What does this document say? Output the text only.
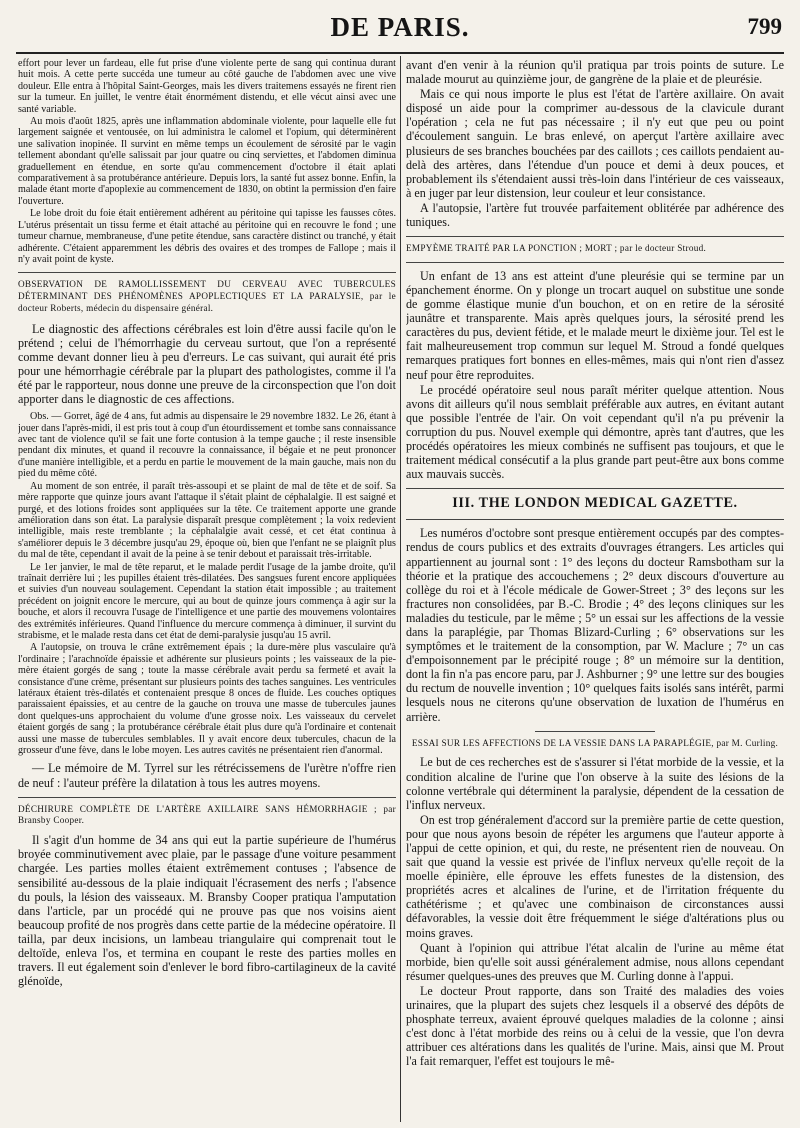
DE PARIS.	799

effort pour lever un fardeau, elle fut prise d'une violente perte de sang qui continua durant huit mois. A cette perte succéda une tumeur au côté gauche de l'abdomen avec une vive douleur. Elle entra à l'hôpital Saint-Georges, mais les divers traitemens essayés ne firent rien sur la tumeur. En juillet, le ventre était énormément distendu, et elle vécut ainsi avec une santé variable.

Au mois d'août 1825, après une inflammation abdominale violente, pour laquelle elle fut largement saignée et ventousée, on lui administra le calomel et l'opium, qui déterminèrent une salivation inopinée. Il survint en même temps un écoulement de sérosité par le vagin tellement abondant qu'elle salissait par jour quatre ou cinq serviettes, et l'abdomen diminua graduellement en étendue, en sorte qu'au commencement d'octobre il était aplati comparativement à sa protubérance antérieure. Depuis lors, la santé fut assez bonne. Enfin, la malade étant morte d'apoplexie au commencement de 1830, on obtint la permission d'en faire l'ouverture.

Le lobe droit du foie était entièrement adhérent au péritoine qui tapisse les fausses côtes. L'utérus présentait un tissu ferme et était attaché au péritoine qui en recouvre le fond ; une tumeur charnue, membraneuse, d'une petite étendue, sans caractère distinct ou tranché, y était adhérente. C'étaient apparemment les débris des ovaires et des trompes de Fallope ; mais il n'y avait point de kyste.

OBSERVATION DE RAMOLLISSEMENT DU CERVEAU AVEC TUBERCULES DÉTERMINANT DES PHÉNOMÈNES APOPLECTIQUES ET LA PARALYSIE, par le docteur Roberts, médecin du dispensaire général.

Le diagnostic des affections cérébrales est loin d'être aussi facile qu'on le prétend ; celui de l'hémorrhagie du cerveau surtout, que l'on a représenté comme devant donner lieu à peu d'erreurs. Le cas suivant, qui aurait été pris pour une hémorrhagie cérébrale par la plupart des pathologistes, comme il l'a été par le rapporteur, nous donne une preuve de la circonspection que l'on doit apporter dans le diagnostic de ces affections.

Obs. — Gorret, âgé de 4 ans, fut admis au dispensaire le 29 novembre 1832. Le 26, étant à jouer dans l'après-midi, il est pris tout à coup d'un étourdissement et tombe sans connaissance avec tant de violence qu'il se fait une forte contusion à la tempe gauche ; il reste insensible pendant dix minutes, et quand il recouvre la connaissance, il bégaie et ne peut prononcer d'une manière intelligible, et a perdu en partie le mouvement de la main gauche, mais non du pied du même côté.

Au moment de son entrée, il paraît très-assoupi et se plaint de mal de tête et de soif. Sa mère rapporte que quinze jours avant l'attaque il s'était plaint de céphalalgie. Il est saigné et purgé, et des lotions froides sont appliquées sur la tête. Ce traitement apporte une grande amélioration dans son état. La paralysie disparaît presque complètement ; la voix redevient intelligible, mais reste tremblante ; la céphalalgie avait cessé, et cet état continua à s'améliorer depuis le 3 décembre jusqu'au 29, époque où, bien que l'enfant ne se plaignît plus du mal de tête, cependant il avait de la peine à se tenir debout et paraissait très-irritable.

Le 1er janvier, le mal de tête reparut, et le malade perdit l'usage de la jambe droite, qu'il traînait derrière lui ; les pupilles étaient très-dilatées. Des sangsues furent encore appliquées et suivies d'un nouveau soulagement. Cependant la station était impossible ; au traitement précédent on joignit encore le mercure, qui au bout de quinze jours commença à agir sur la bouche, et alors il recouvra l'usage de l'intelligence et une partie des mouvemens volontaires des extrémités inférieures. Quand l'influence du mercure commença à diminuer, il survint du strabisme, et le malade resta dans cet état de demi-paralysie jusqu'au 15 avril.

A l'autopsie, on trouva le crâne extrêmement épais ; la dure-mère plus vasculaire qu'à l'ordinaire ; l'arachnoïde épaissie et adhérente sur plusieurs points ; les vaisseaux de la pie-mère étaient gorgés de sang ; toute la masse cérébrale avait perdu sa fermeté et avait la consistance d'une crème, présentant sur plusieurs points des taches sanguines. Les ventricules latéraux étaient très-dilatés et contenaient presque 8 onces de fluide. Les couches optiques paraissaient épaissies, et au centre de la gauche on trouva une masse de tubercules jaunes dont quelques-uns approchaient du volume d'une grosse noix. Les vaisseaux du cervelet étaient gorgés de sang ; la protubérance cérébrale était plus dure qu'à l'ordinaire et contenait aussi une masse de tubercules semblables. Il y avait encore deux tubercules, chacun de la grosseur d'une fève, dans le lobe moyen. Les autres cavités ne présentaient rien d'anormal.

— Le mémoire de M. Tyrrel sur les rétrécissemens de l'urètre n'offre rien de neuf : l'auteur préfère la dilatation à tous les autres moyens.

DÉCHIRURE COMPLÈTE DE L'ARTÈRE AXILLAIRE SANS HÉMORRHAGIE ; par Bransby Cooper.

Il s'agit d'un homme de 34 ans qui eut la partie supérieure de l'humérus broyée comminutivement avec plaie, par le passage d'une voiture pesamment chargée. Les parties molles étaient extrêmement contuses ; l'absence de sensibilité au-dessous de la plaie indiquait l'écrasement des nerfs ; l'absence du pouls, la lésion des vaisseaux. M. Bransby Cooper pratiqua l'amputation dans l'article, par un procédé qui ne prouve pas que nos voisins aient beaucoup profité de nos progrès dans cette partie de la médecine opératoire. Il tailla, par deux incisions, un lambeau triangulaire qui comprenait tout le deltoïde, enleva l'os, et termina en coupant le reste des parties molles en travers. Il eut également soin d'enlever le bord fibro-cartilagineux de la cavité glénoïde,

avant d'en venir à la réunion qu'il pratiqua par trois points de suture. Le malade mourut au quinzième jour, de gangrène de la plaie et de pleurésie.

Mais ce qui nous importe le plus est l'état de l'artère axillaire. On avait disposé un aide pour la comprimer au-dessous de la clavicule durant l'opération ; cela ne fut pas nécessaire ; il n'y eut que peu ou point d'écoulement sanguin. Le bras enlevé, on aperçut l'artère axillaire avec plusieurs de ses branches bouchées par des caillots ; ces caillots pendaient au-delà des artères, dans l'étendue d'un pouce et demi à deux pouces, et probablement ils s'étendaient aussi très-loin dans l'intérieur de ces vaisseaux, à en juger par leur distension, leur couleur et leur consistance.

A l'autopsie, l'artère fut trouvée parfaitement oblitérée par adhérence des tuniques.

EMPYÈME TRAITÉ PAR LA PONCTION ; MORT ; par le docteur Stroud.

Un enfant de 13 ans est atteint d'une pleurésie qui se termine par un épanchement énorme. On y plonge un trocart auquel on substitue une sonde de gomme élastique munie d'un bouchon, et on en retire de la sérosité jaunâtre et transparente. Mais après quelques jours, la sérosité prend les caractères du pus, devient fétide, et le malade meurt le dixième jour. Tel est le fait malheureusement trop commun sur lequel M. Stroud a fondé quelques remarques pratiques fort bonnes en elles-mêmes, mais qui n'ont rien d'assez neuf pour être reproduites.

Le procédé opératoire seul nous paraît mériter quelque attention. Nous avons dit ailleurs qu'il nous semblait préférable aux autres, en évitant autant que possible l'entrée de l'air. On voit cependant qu'il n'a pu prévenir la corruption du pus. Nouvel exemple qui démontre, après tant d'autres, que les procédés opératoires les mieux combinés ne suffisent pas toujours, et que le traitement médical consécutif a la plus grande part peut-être aux bons comme aux mauvais succès.

III. THE LONDON MEDICAL GAZETTE.

Les numéros d'octobre sont presque entièrement occupés par des comptes-rendus de cours publics et des extraits d'ouvrages étrangers. Les articles qui appartiennent au journal sont : 1° des leçons du docteur Ramsbotham sur la théorie et la pratique des accouchemens ; 2° deux discours d'ouverture au collège du roi et à l'école médicale de Gower-Street ; 3° des leçons sur les fractures non consolidées, par B.-C. Brodie ; 4° des leçons cliniques sur les maladies du testicule, par le même ; 5° un essai sur les affections de la vessie dans la paraplégie, par Thomas Blizard-Curling ; 6° observations sur les symptômes et le traitement de la consomption, par W. Maclure ; 7° un cas d'empoisonnement par le précipité rouge ; 8° un mémoire sur la dentition, dont la fin n'a pas encore paru, par J. Ashburner ; 9° une lettre sur des bougies du rectum de nouvelle invention ; 10° quelques faits isolés sans intérêt, parmi lesquels nous ne citerons qu'une observation de luxation de l'humérus en arrière.

ESSAI SUR LES AFFECTIONS DE LA VESSIE DANS LA PARAPLÉGIE, par M. Curling.

Le but de ces recherches est de s'assurer si l'état morbide de la vessie, et la condition alcaline de l'urine que l'on observe à la suite des lésions de la colonne vertébrale qui déterminent la paralysie, dépendent de la cessation de l'influx nerveux.

On est trop généralement d'accord sur la première partie de cette question, pour que nous ayons besoin de répéter les argumens que l'auteur apporte à l'appui de cette opinion, et qui, du reste, ne présentent rien de nouveau. On sait que quand la vessie est privée de l'influx nerveux qu'elle reçoit de la moelle épinière, elle éprouve les effets funestes de la distension, des propriétés acres et alcalines de l'urine, et de l'irritation fréquente du cathétérisme ; et qu'avec une combinaison de circonstances aussi défavorables, la vessie doit être fréquemment le siége d'altérations plus ou moins graves.

Quant à l'opinion qui attribue l'état alcalin de l'urine au même état morbide, bien qu'elle soit aussi généralement admise, nous allons cependant résumer quelques-unes des preuves que M. Curling donne à l'appui.

Le docteur Prout rapporte, dans son Traité des maladies des voies urinaires, que la plupart des sujets chez lesquels il a observé des dépôts de phosphate terreux, avaient éprouvé quelques maladies de la colonne ; ainsi c'est donc à l'état morbide des reins ou à celui de la vessie, que l'on devra attribuer ces altérations dans les qualités de l'urine. Mais, ainsi que M. Prout l'a fait remarquer, l'effet est toujours le mê-
